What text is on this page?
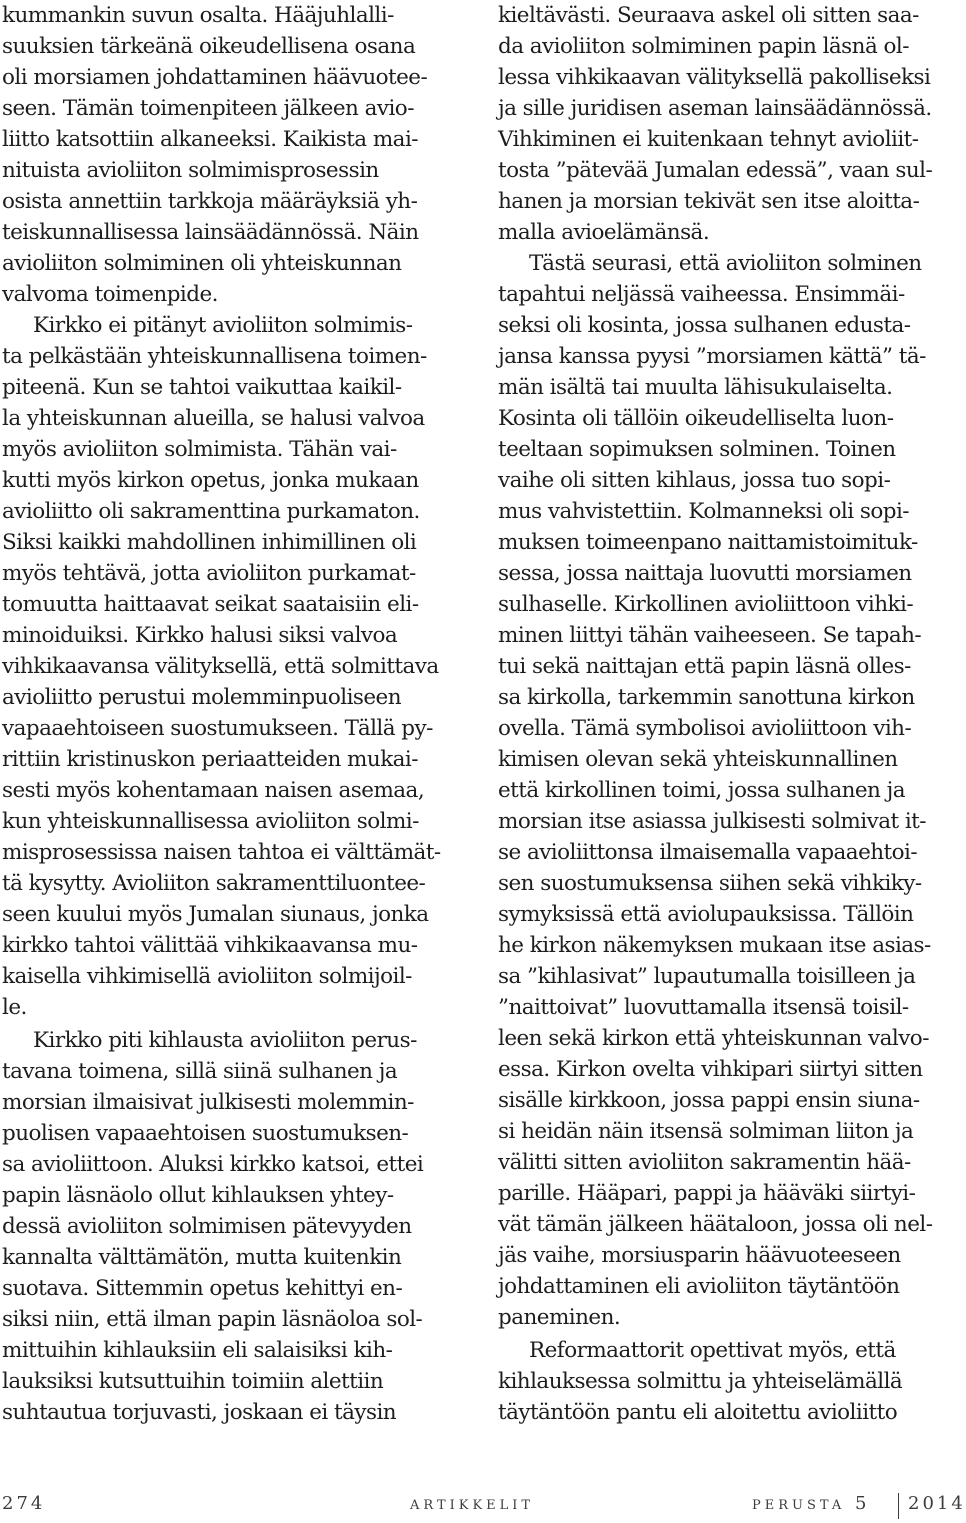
kummankin suvun osalta. Hääjuhlalli-
suuksien tärkeänä oikeudellisena osana
oli morsiamen johdattaminen häävuotee-
seen. Tämän toimenpiteen jälkeen avio-
liitto katsottiin alkaneeksi. Kaikista mai-
nituista avioliiton solmimisprosessin
osista annettiin tarkkoja määräyksiä yh-
teiskunnallisessa lainsäädännössä. Näin
avioliiton solmiminen oli yhteiskunnan
valvoma toimenpide.
Kirkko ei pitänyt avioliiton solmimis-
ta pelkästään yhteiskunnallisena toimen-
piteenä. Kun se tahtoi vaikuttaa kaikil-
la yhteiskunnan alueilla, se halusi valvoa
myös avioliiton solmimista. Tähän vai-
kutti myös kirkon opetus, jonka mukaan
avioliitto oli sakramenttina purkamaton.
Siksi kaikki mahdollinen inhimillinen oli
myös tehtävä, jotta avioliiton purkamat-
tomuutta haittaavat seikat saataisiin eli-
minoiduiksi. Kirkko halusi siksi valvoa
vihkikaavansa välityksellä, että solmittava
avioliitto perustui molemminpuoliseen
vapaaehtoiseen suostumukseen. Tällä py-
rittiin kristinuskon periaatteiden mukai-
sesti myös kohentamaan naisen asemaa,
kun yhteiskunnallisessa avioliiton solmi-
misprosessissa naisen tahtoa ei välttämät-
tä kysytty. Avioliiton sakramenttiluontee-
seen kuului myös Jumalan siunaus, jonka
kirkko tahtoi välittää vihkikaavansa mu-
kaisella vihkimisellä avioliiton solmijoil-
le.
Kirkko piti kihlausta avioliiton perus-
tavana toimena, sillä siinä sulhanen ja
morsian ilmaisivat julkisesti molemmin-
puolisen vapaaehtoisen suostumuksen-
sa avioliittoon. Aluksi kirkko katsoi, ettei
papin läsnäolo ollut kihlauksen yhtey-
dessä avioliiton solmimisen pätevyyden
kannalta välttämätön, mutta kuitenkin
suotava. Sittemmin opetus kehittyi en-
siksi niin, että ilman papin läsnäoloa sol-
mittuihin kihlauksiin eli salaisiksi kih-
lauksiksi kutsuttuihin toimiin alettiin
suhtautua torjuvasti, joskaan ei täysin
kieltävästi. Seuraava askel oli sitten saa-
da avioliiton solmiminen papin läsnä ol-
lessa vihkikaavan välityksellä pakolliseksi
ja sille juridisen aseman lainsäädännössä.
Vihkiminen ei kuitenkaan tehnyt avioliit-
tosta ”pätevää Jumalan edessä”, vaan sul-
hanen ja morsian tekivät sen itse aloitta-
malla avioelämänsä.
Tästä seurasi, että avioliiton solminen
tapahtui neljässä vaiheessa. Ensimmäi-
seksi oli kosinta, jossa sulhanen edusta-
jansa kanssa pyysi ”morsiamen kättä” tä-
män isältä tai muulta lähisukulaiselta.
Kosinta oli tällöin oikeudelliselta luon-
teeltaan sopimuksen solminen. Toinen
vaihe oli sitten kihlaus, jossa tuo sopi-
mus vahvistettiin. Kolmanneksi oli sopi-
muksen toimeenpano naittamistoimituk-
sessa, jossa naittaja luovutti morsiamen
sulhaselle. Kirkollinen avioliittoon vihki-
minen liittyi tähän vaiheeseen. Se tapah-
tui sekä naittajan että papin läsnä olles-
sa kirkolla, tarkemmin sanottuna kirkon
ovella. Tämä symbolisoi avioliittoon vih-
kimisen olevan sekä yhteiskunnallinen
että kirkollinen toimi, jossa sulhanen ja
morsian itse asiassa julkisesti solmivat it-
se avioliittonsa ilmaisemalla vapaaehtoi-
sen suostumuksensa siihen sekä vihkiky-
symyksissä että aviolupauksissa. Tällöin
he kirkon näkemyksen mukaan itse asias-
sa ”kihlasivat” lupautumalla toisilleen ja
”naittoivat” luovuttamalla itsensä toisil-
leen sekä kirkon että yhteiskunnan valvo-
essa. Kirkon ovelta vihkipari siirtyi sitten
sisälle kirkkoon, jossa pappi ensin siuna-
si heidän näin itsensä solmiman liiton ja
välitti sitten avioliiton sakramentin hää-
parille. Hääpari, pappi ja hääväki siirtyi-
vät tämän jälkeen häätaloon, jossa oli nel-
jäs vaihe, morsiusparin häävuoteeseen
johdattaminen eli avioliiton täytäntöön
paneminen.
Reformaattorit opettivat myös, että
kihlauksessa solmittu ja yhteiselämällä
täytäntöön pantu eli aloitettu avioliitto
274	artikkelit	perusta 5 2014
